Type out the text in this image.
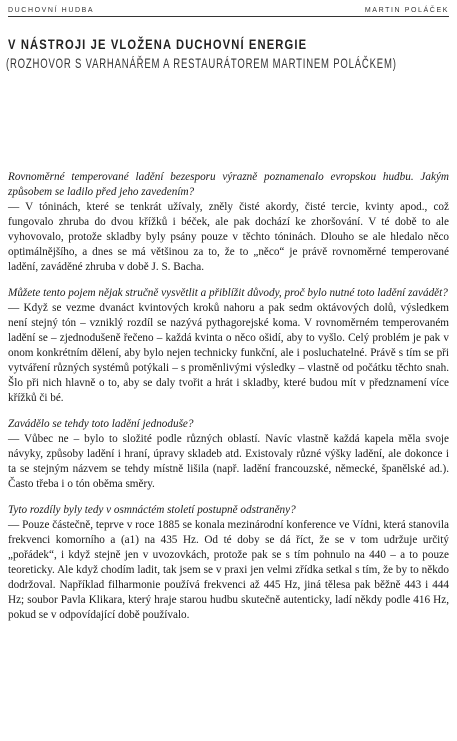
DUCHOVNÍ HUDBA	MARTIN POLÁČEK
V NÁSTROJI JE VLOŽENA DUCHOVNÍ ENERGIE
(ROZHOVOR S VARHANÁŘEM A RESTAURÁTOREM MARTINEM POLÁČKEM)
Rovnoměrné temperované ladění bezesporu výrazně poznamenalo evropskou hudbu. Jakým způsobem se ladilo před jeho zavedením?
— V tóninách, které se tenkrát užívaly, zněly čisté akordy, čisté tercie, kvinty apod., což fungovalo zhruba do dvou křížků i béček, ale pak dochází ke zhoršování. V té době to ale vyhovovalo, protože skladby byly psány pouze v těchto tóninách. Dlouho se ale hledalo něco optimálnějšího, a dnes se má většinou za to, že to „něco“ je právě rovnoměrné temperované ladění, zaváděné zhruba v době J. S. Bacha.
Můžete tento pojem nějak stručně vysvětlit a přiblížit důvody, proč bylo nutné toto ladění zavádět?
— Když se vezme dvanáct kvintových kroků nahoru a pak sedm oktávových dolů, výsledkem není stejný tón – vzniklý rozdíl se nazývá pythagorejské koma. V rovnoměrném temperovaném ladění se – zjednodušeně řečeno – každá kvinta o něco ošidí, aby to vyšlo. Celý problém je pak v onom konkrétním dělení, aby bylo nejen technicky funkční, ale i posluchatelné. Právě s tím se při vytváření různých systémů potýkali – s proměnlivými výsledky – vlastně od počátku těchto snah. Šlo při nich hlavně o to, aby se daly tvořit a hrát i skladby, které budou mít v předznamení více křížků či bé.
Zavádělo se tehdy toto ladění jednoduše?
— Vůbec ne – bylo to složité podle různých oblastí. Navíc vlastně každá kapela měla svoje návyky, způsoby ladění i hraní, úpravy skladeb atd. Existovaly různé výšky ladění, ale dokonce i ta se stejným názvem se tehdy místně lišila (např. ladění francouzské, německé, španělské ad.). Často třeba i o tón oběma směry.
Tyto rozdíly byly tedy v osmnáctém století postupně odstraněny?
— Pouze částečně, teprve v roce 1885 se konala mezinárodní konference ve Vídni, která stanovila frekvenci komorního a (a1) na 435 Hz. Od té doby se dá říct, že se v tom udržuje určitý „pořádek“, i když stejně jen v uvozovkách, protože pak se s tím pohnulo na 440 – a to pouze teoreticky. Ale když chodím ladit, tak jsem se v praxi jen velmi zřídka setkal s tím, že by to někdo dodržoval. Například filharmonie používá frekvenci až 445 Hz, jiná tělesa pak běžně 443 i 444 Hz; soubor Pavla Klikara, který hraje starou hudbu skutečně autenticky, ladí někdy podle 416 Hz, pokud se v odpovídající době používalo.
